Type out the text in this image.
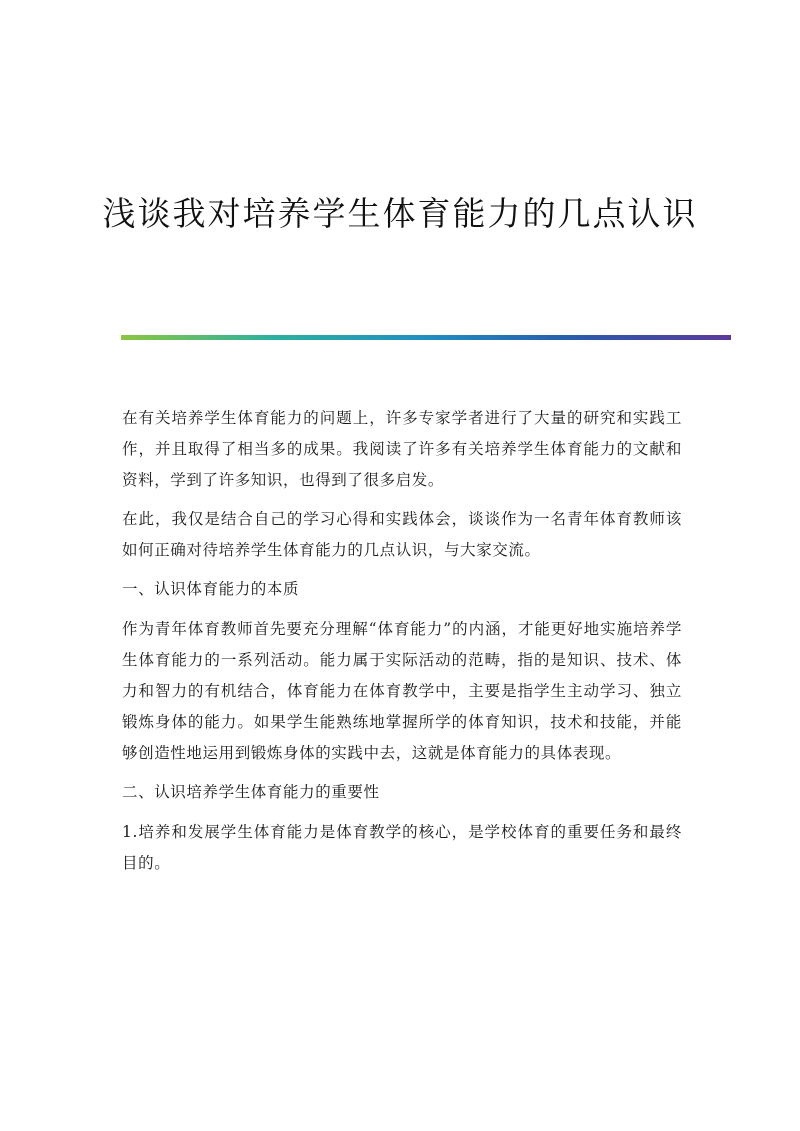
浅谈我对培养学生体育能力的几点认识

在有关培养学生体育能力的问题上，许多专家学者进行了大量的研究和实践工作，并且取得了相当多的成果。我阅读了许多有关培养学生体育能力的文献和资料，学到了许多知识，也得到了很多启发。

在此，我仅是结合自己的学习心得和实践体会，谈谈作为一名青年体育教师该如何正确对待培养学生体育能力的几点认识，与大家交流。

一、认识体育能力的本质

作为青年体育教师首先要充分理解“体育能力”的内涵，才能更好地实施培养学生体育能力的一系列活动。能力属于实际活动的范畴，指的是知识、技术、体力和智力的有机结合，体育能力在体育教学中，主要是指学生主动学习、独立锻炼身体的能力。如果学生能熟练地掌握所学的体育知识，技术和技能，并能够创造性地运用到锻炼身体的实践中去，这就是体育能力的具体表现。

二、认识培养学生体育能力的重要性

1.培养和发展学生体育能力是体育教学的核心，是学校体育的重要任务和最终目的。
